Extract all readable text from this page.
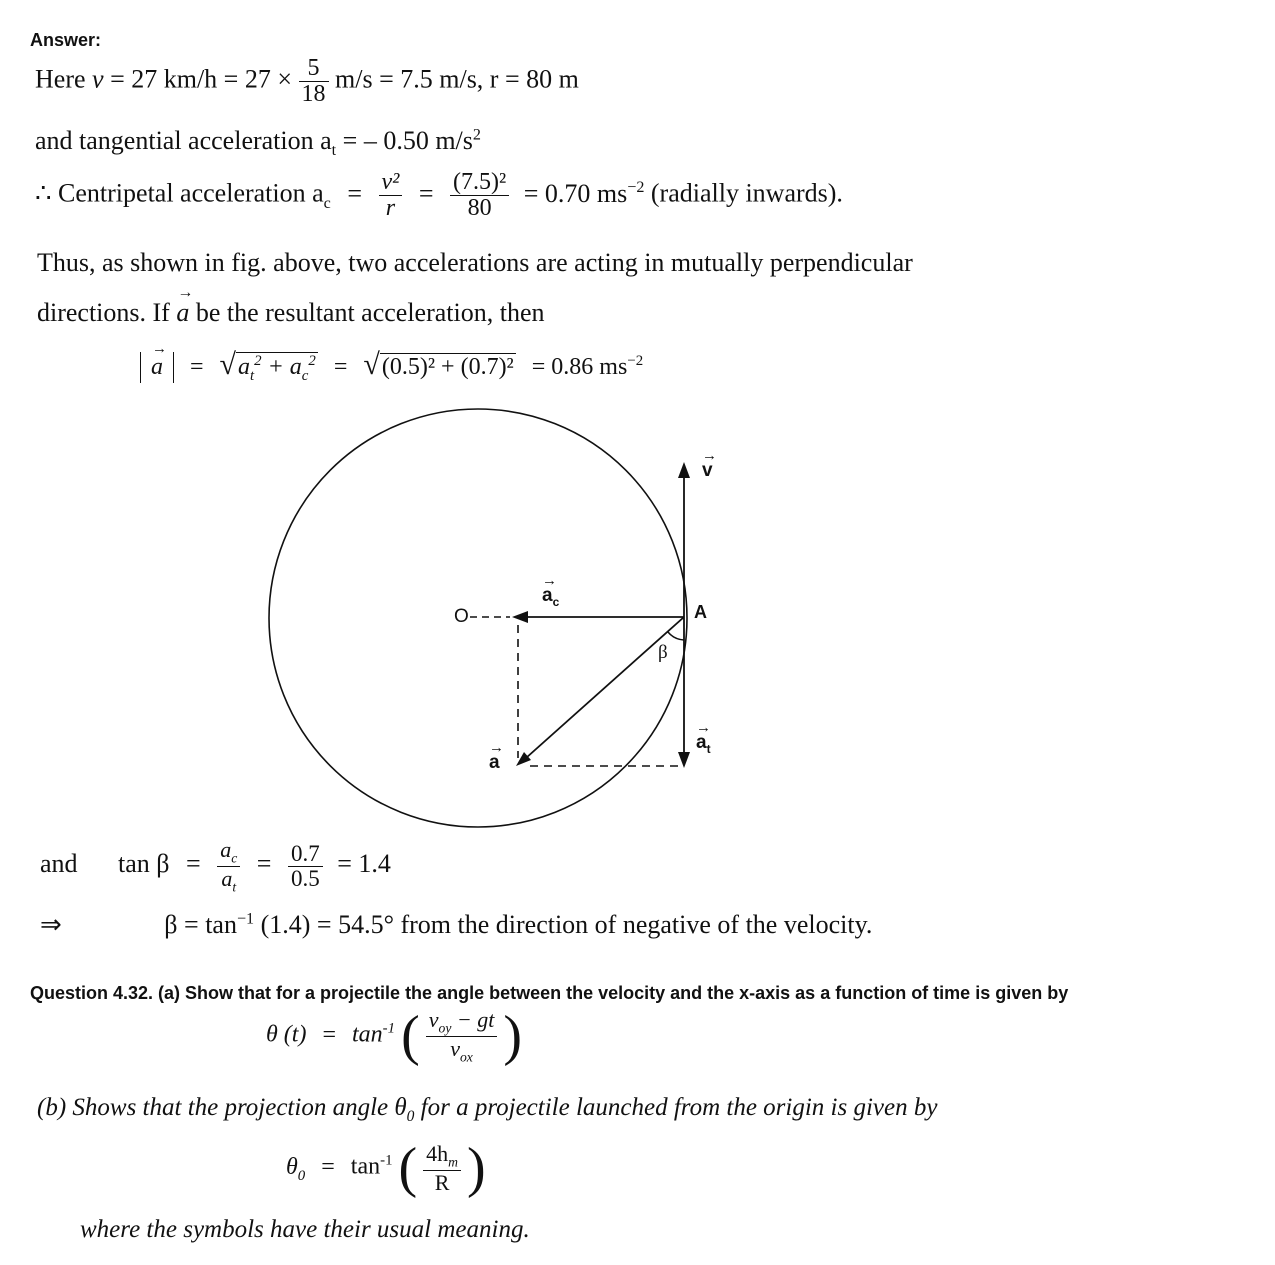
Answer:
Here v = 27 $km/h = 27 \times \frac{5}{18} m/s = 7.5$ m/s, r = 80 m
and tangential acceleration $a_t$ = – 0.50 $m/s^2$
∴ Centripetal acceleration $a_c = \frac{\text{v²}}{r} = \frac{\text{(7.5)²}}{80} = 0.70$ $ms^{-2}$ (radially inwards).
Thus, as shown in fig. above, two accelerations are acting in mutually perpendicular
directions. If
→
a be the resultant acceleration, then
→
$a = √a_t^2 + a_c^2 = √(0.5)^2 + (0.7)^2 = 0.86$ $ms^{-2}$
O	A
β
→
v
→
$a_c$
→
$a_t$
→
a
and $\tan \beta = \frac{a_c}{a_t} = \frac{0.7}{0.5} = 1.4$
⇒	$\beta = \tan^{-1} (1.4) = 54.5^\circ$ from the direction of negative of the velocity.
Question 4.32. (a) Show that for a projectile the angle between the velocity and the x-axis as a function of time is given by
θ $(t) = \tan^{-1}$ ( $\frac{v_{oy} - gt}{v_{ox}}$ )
(b) Shows that the projection angle $\theta_0$ for a projectile launched from the origin is given by
$\theta_0 = \tan^{-1}$ ( $\frac{4h_m}{R}$ )
where the symbols have their usual meaning.
